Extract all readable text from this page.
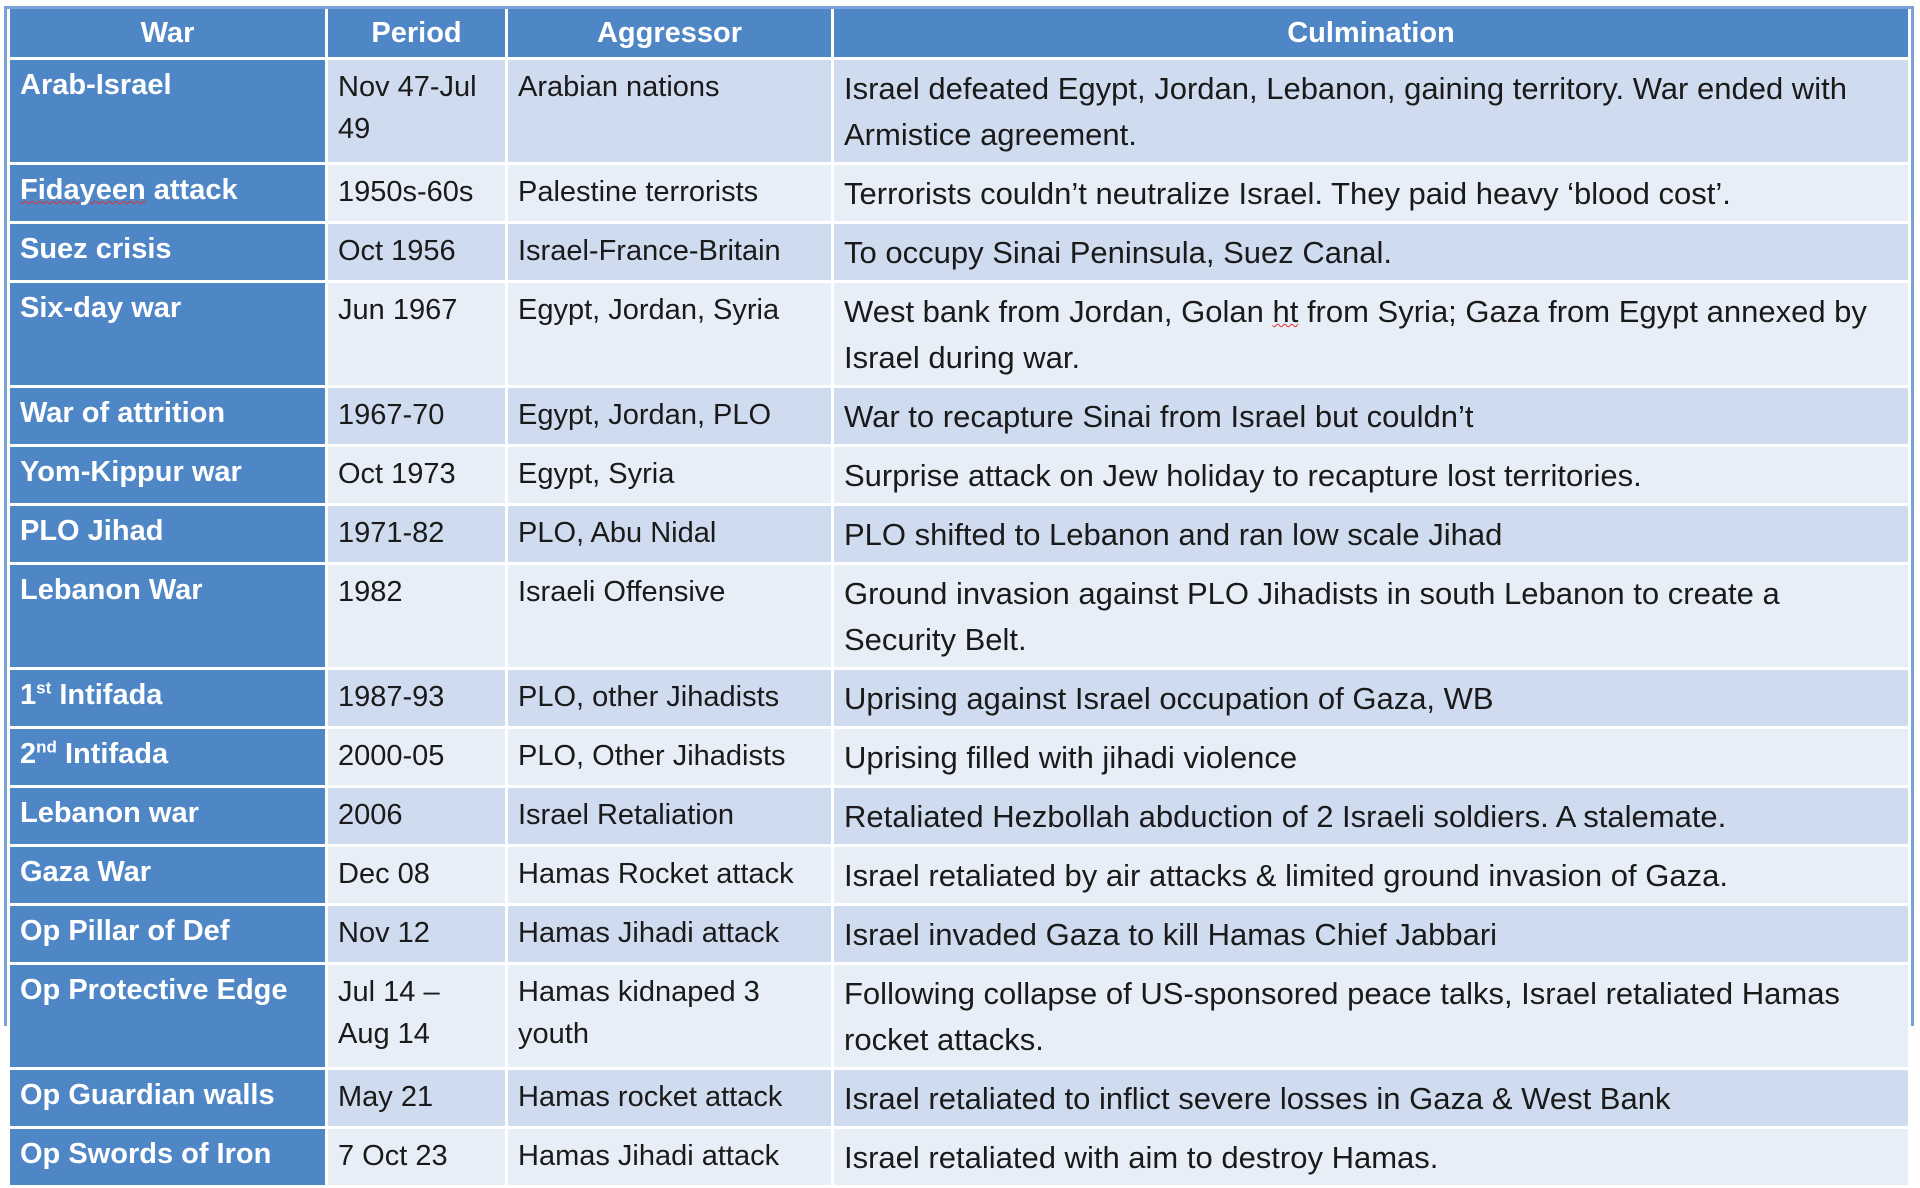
War	Period	Aggressor	Culmination
Arab-Israel	Nov 47-Jul 49	Arabian nations	Israel defeated Egypt, Jordan, Lebanon, gaining territory. War ended with Armistice agreement.
Fidayeen attack	1950s-60s	Palestine terrorists	Terrorists couldn’t neutralize Israel. They paid heavy ‘blood cost’.
Suez crisis	Oct 1956	Israel-France-Britain	To occupy Sinai Peninsula, Suez Canal.
Six-day war	Jun 1967	Egypt, Jordan, Syria	West bank from Jordan, Golan ht from Syria; Gaza from Egypt annexed by Israel during war.
War of attrition	1967-70	Egypt, Jordan, PLO	War to recapture Sinai from Israel but couldn’t
Yom-Kippur war	Oct 1973	Egypt, Syria	Surprise attack on Jew holiday to recapture lost territories.
PLO Jihad	1971-82	PLO, Abu Nidal	PLO shifted to Lebanon and ran low scale Jihad
Lebanon War	1982	Israeli Offensive	Ground invasion against PLO Jihadists in south Lebanon to create a Security Belt.
1st Intifada	1987-93	PLO, other Jihadists	Uprising against Israel occupation of Gaza, WB
2nd Intifada	2000-05	PLO, Other Jihadists	Uprising filled with jihadi violence
Lebanon war	2006	Israel Retaliation	Retaliated Hezbollah abduction of 2 Israeli soldiers. A stalemate.
Gaza War	Dec 08	Hamas Rocket attack	Israel retaliated by air attacks & limited ground invasion of Gaza.
Op Pillar of Def	Nov 12	Hamas Jihadi attack	Israel invaded Gaza to kill Hamas Chief Jabbari
Op Protective Edge	Jul 14 – Aug 14	Hamas kidnaped 3 youth	Following collapse of US-sponsored peace talks, Israel retaliated Hamas rocket attacks.
Op Guardian walls	May 21	Hamas rocket attack	Israel retaliated to inflict severe losses in Gaza & West Bank
Op Swords of Iron	7 Oct 23	Hamas Jihadi attack	Israel retaliated with aim to destroy Hamas.
